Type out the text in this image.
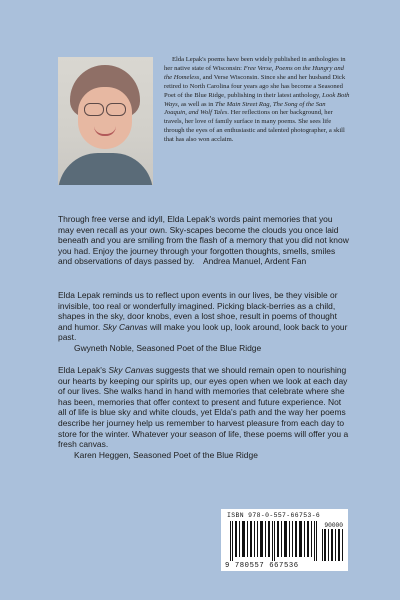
Elda Lepak's poems have been widely published in anthologies in her native state of Wisconsin: Free Verse, Poems on the Hungry and the Homeless, and Verse Wisconsin. Since she and her husband Dick retired to North Carolina four years ago she has become a Seasoned Poet of the Blue Ridge, publishing in their latest anthology, Look Both Ways, as well as in The Main Street Rag, The Song of the San Joaquin, and Wolf Tales. Her reflections on her background, her travels, her love of family surface in many poems. She sees life through the eyes of an enthusiastic and talented photographer, a skill that has also won acclaim.

Through free verse and idyll, Elda Lepak's words paint memories that you may even recall as your own. Sky-scapes become the clouds you once laid beneath and you are smiling from the flash of a memory that you did not know you had. Enjoy the journey through your forgotten thoughts, smells, smiles and observations of days passed by.	Andrea Manuel, Ardent Fan
Elda Lepak reminds us to reflect upon events in our lives, be they visible or invisible, too real or wonderfully imagined. Picking black-berries as a child, shapes in the sky, door knobs, even a lost shoe, result in poems of thought and humor. Sky Canvas will make you look up, look around, look back to your past.
Gwyneth Noble, Seasoned Poet of the Blue Ridge
Elda Lepak's Sky Canvas suggests that we should remain open to nourishing our hearts by keeping our spirits up, our eyes open when we look at each day of our lives. She walks hand in hand with memories that celebrate where she has been, memories that offer context to present and future experience. Not all of life is blue sky and white clouds, yet Elda's path and the way her poems describe her journey help us remember to harvest pleasure from each day to store for the winter. Whatever your season of life, these poems will offer you a fresh canvas.
Karen Heggen, Seasoned Poet of the Blue Ridge
ISBN 978-0-557-66753-6
90000
9 780557 667536
